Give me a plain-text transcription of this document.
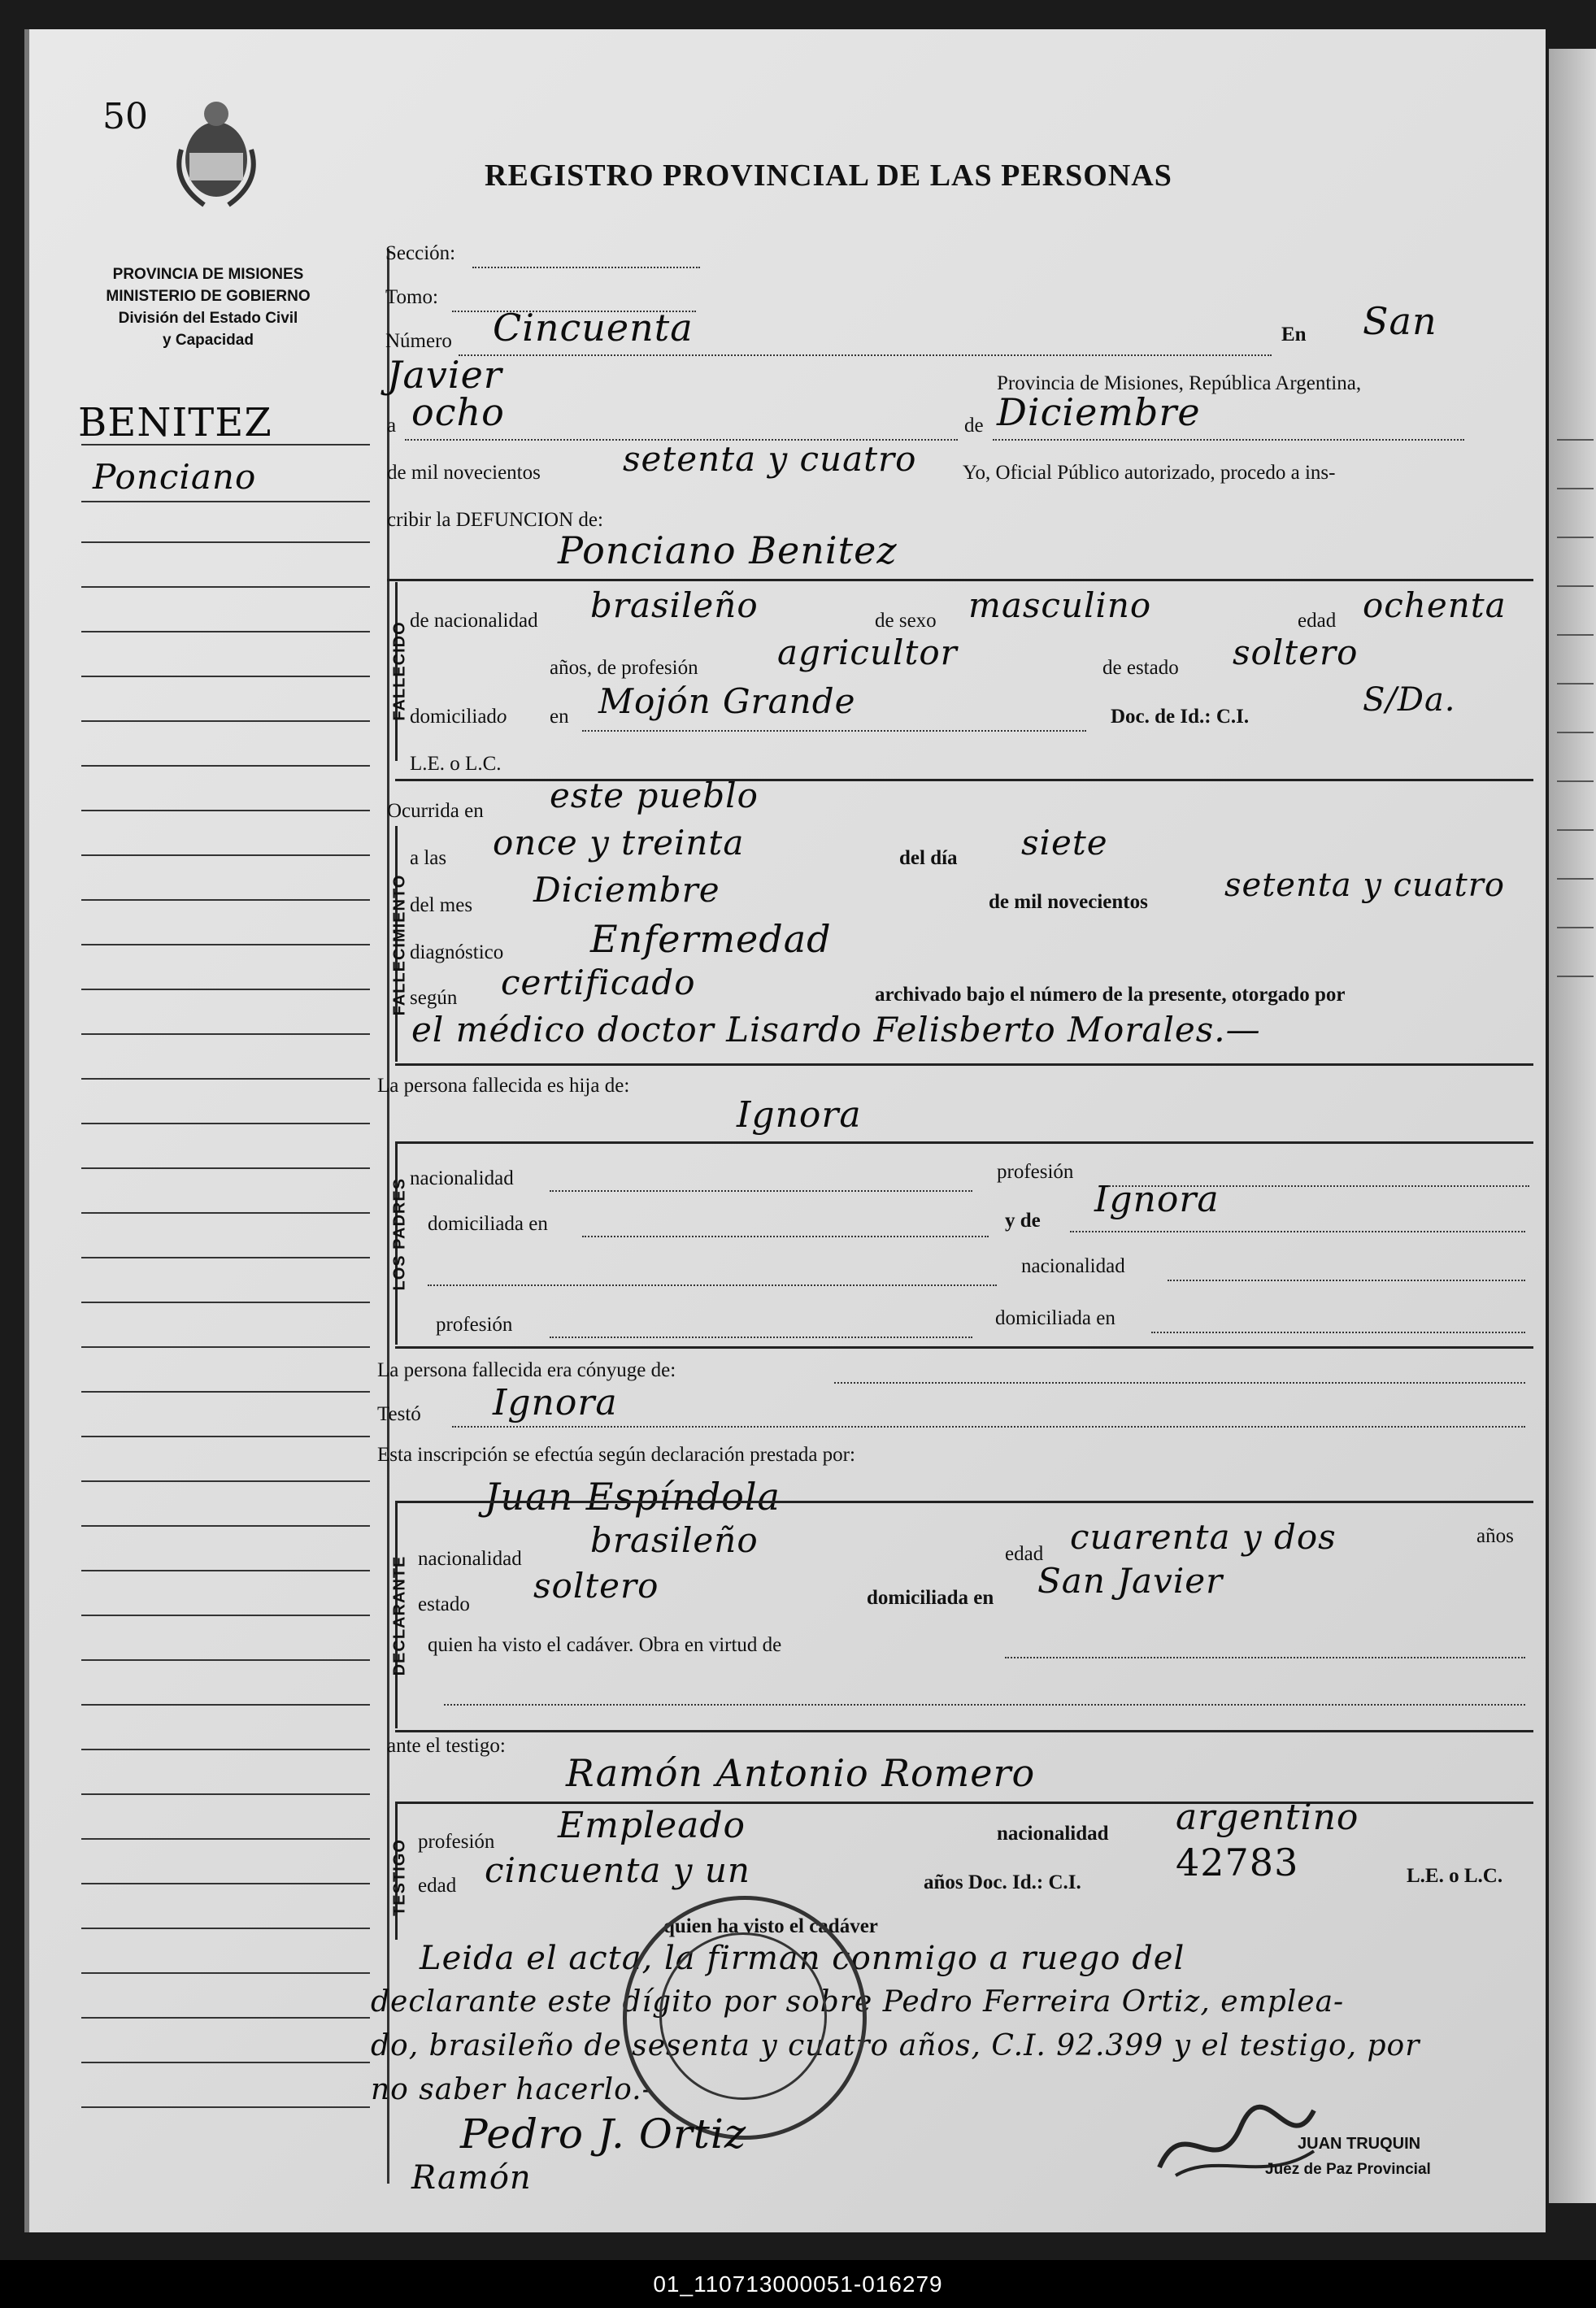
50
REGISTRO PROVINCIAL DE LAS PERSONAS
PROVINCIA DE MISIONES
MINISTERIO DE GOBIERNO
División del Estado Civil
y Capacidad
BENITEZ
Ponciano
Sección:
Tomo:
Número Cincuenta	En San
Javier	Provincia de Misiones, República Argentina,
a ocho	de Diciembre
de mil novecientos setenta y cuatro Yo, Oficial Público autorizado, procedo a ins-
cribir la DEFUNCION de:
Ponciano Benitez
FALLECIDO
de nacionalidad brasileño	de sexo masculino	edad ochenta
años, de profesión agricultor	de estado soltero
domiciliado en Mojón Grande	Doc. de Id.: C.I.	S/Da.
L.E. o L.C.
Ocurrida en este pueblo
FALLECIMIENTO
a las once y treinta	del día siete
del mes Diciembre	de mil novecientos setenta y cuatro
diagnóstico Enfermedad
según certificado	archivado bajo el número de la presente, otorgado por
el médico doctor Lisardo Felisberto Morales.—
La persona fallecida es hija de:
Ignora
LOS PADRES nacionalidad	profesión
domiciliada en	y de
Ignora
nacionalidad
profesión	domiciliada en
La persona fallecida era cónyuge de:
Testó Ignora
Esta inscripción se efectúa según declaración prestada por:
Juan Espíndola
DECLARANTE nacionalidad brasileño	edad cuarenta y dos	años
estado soltero	domiciliada en San Javier
quien ha visto el cadáver. Obra en virtud de
ante el testigo:
Ramón Antonio Romero
TESTIGO profesión Empleado	nacionalidad argentino
edad cincuenta y un	años Doc. Id.: C.I.	42783	L.E. o L.C.
quien ha visto el cadáver
Leida el acta, la firman conmigo a ruego del
declarante este dígito por sobre Pedro Ferreira Ortiz, emplea-
do, brasileño de sesenta y cuatro años, C.I. 92.399 y el testigo, por
no saber hacerlo.-
Pedro J. Ortiz
Ramón
JUAN TRUQUIN
Juez de Paz Provincial
01_110713000051-016279
